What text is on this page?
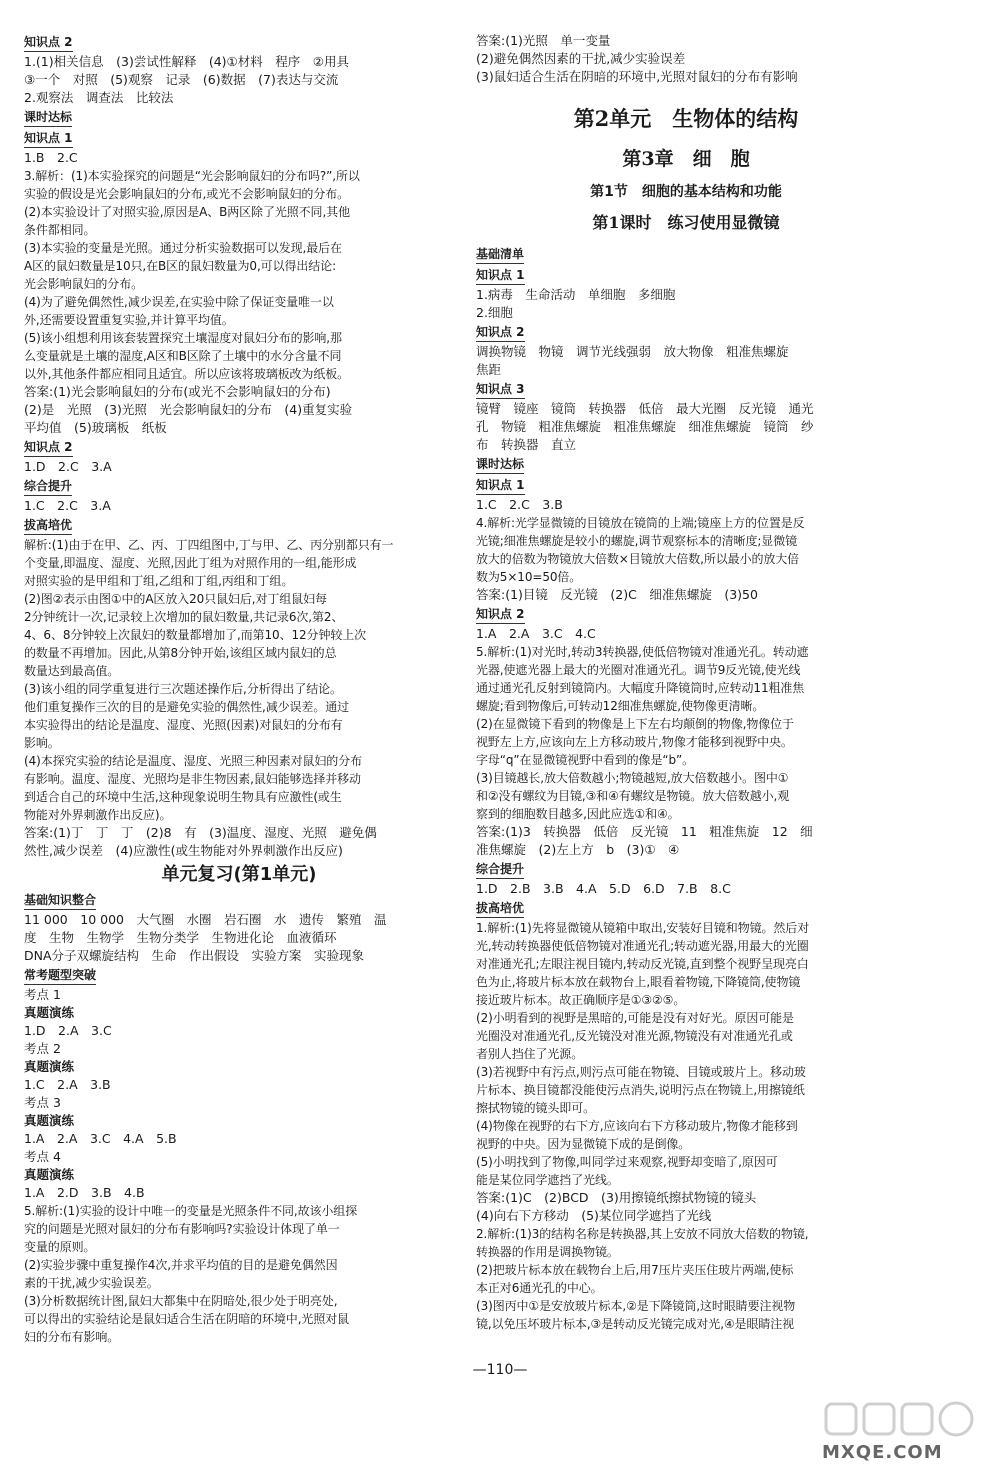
知识点 2
1.(1)相关信息　(3)尝试性解释　(4)①材料　程序　②用具
③一个　对照　(5)观察　记录　(6)数据　(7)表达与交流
2.观察法　调查法　比较法
课时达标
知识点 1
1.B　2.C
3.解析：(1)本实验探究的问题是“光会影响鼠妇的分布吗?”,所以
实验的假设是光会影响鼠妇的分布,或光不会影响鼠妇的分布。
(2)本实验设计了对照实验,原因是A、B两区除了光照不同,其他
条件都相同。
(3)本实验的变量是光照。通过分析实验数据可以发现,最后在
A区的鼠妇数量是10只,在B区的鼠妇数量为0,可以得出结论:
光会影响鼠妇的分布。
(4)为了避免偶然性,减少误差,在实验中除了保证变量唯一以
外,还需要设置重复实验,并计算平均值。
(5)该小组想利用该套装置探究土壤湿度对鼠妇分布的影响,那
么变量就是土壤的湿度,A区和B区除了土壤中的水分含量不同
以外,其他条件都应相同且适宜。所以应该将玻璃板改为纸板。
答案:(1)光会影响鼠妇的分布(或光不会影响鼠妇的分布)
(2)是　光照　(3)光照　光会影响鼠妇的分布　(4)重复实验
平均值　(5)玻璃板　纸板
知识点 2
1.D　2.C　3.A
综合提升
1.C　2.C　3.A
拔高培优
解析:(1)由于在甲、乙、丙、丁四组图中,丁与甲、乙、丙分别都只有一
个变量,即温度、湿度、光照,因此丁组为对照作用的一组,能形成
对照实验的是甲组和丁组,乙组和丁组,丙组和丁组。
(2)图②表示由图①中的A区放入20只鼠妇后,对丁组鼠妇每
2分钟统计一次,记录较上次增加的鼠妇数量,共记录6次,第2、
4、6、8分钟较上次鼠妇的数量都增加了,而第10、12分钟较上次
的数量不再增加。因此,从第8分钟开始,该组区域内鼠妇的总
数量达到最高值。
(3)该小组的同学重复进行三次题述操作后,分析得出了结论。
他们重复操作三次的目的是避免实验的偶然性,减少误差。通过
本实验得出的结论是温度、湿度、光照(因素)对鼠妇的分布有
影响。
(4)本探究实验的结论是温度、湿度、光照三种因素对鼠妇的分布
有影响。温度、湿度、光照均是非生物因素,鼠妇能够选择并移动
到适合自己的环境中生活,这种现象说明生物具有应激性(或生
物能对外界刺激作出反应)。
答案:(1)丁　丁　丁　(2)8　有　(3)温度、湿度、光照　避免偶
然性,减少误差　(4)应激性(或生物能对外界刺激作出反应)
单元复习(第1单元)
基础知识整合
11 000　10 000　大气圈　水圈　岩石圈　水　遗传　繁殖　温
度　生物　生物学　生物分类学　生物进化论　血液循环
DNA分子双螺旋结构　生命　作出假设　实验方案　实验现象
常考题型突破
考点 1
真题演练
1.D　2.A　3.C
考点 2
真题演练
1.C　2.A　3.B
考点 3
真题演练
1.A　2.A　3.C　4.A　5.B
考点 4
真题演练
1.A　2.D　3.B　4.B
5.解析:(1)实验的设计中唯一的变量是光照条件不同,故该小组探
究的问题是光照对鼠妇的分布有影响吗?实验设计体现了单一
变量的原则。
(2)实验步骤中重复操作4次,并求平均值的目的是避免偶然因
素的干扰,减少实验误差。
(3)分析数据统计图,鼠妇大都集中在阴暗处,很少处于明亮处,
可以得出的实验结论是鼠妇适合生活在阴暗的环境中,光照对鼠
妇的分布有影响。
答案:(1)光照　单一变量
(2)避免偶然因素的干扰,减少实验误差
(3)鼠妇适合生活在阴暗的环境中,光照对鼠妇的分布有影响
第2单元　生物体的结构
第3章　细　胞
第1节　细胞的基本结构和功能
第1课时　练习使用显微镜
基础清单
知识点 1
1.病毒　生命活动　单细胞　多细胞
2.细胞
知识点 2
调换物镜　物镜　调节光线强弱　放大物像　粗准焦螺旋
焦距
知识点 3
镜臂　镜座　镜筒　转换器　低倍　最大光圈　反光镜　通光
孔　物镜　粗准焦螺旋　粗准焦螺旋　细准焦螺旋　镜筒　纱
布　转换器　直立
课时达标
知识点 1
1.C　2.C　3.B
4.解析:光学显微镜的目镜放在镜筒的上端;镜座上方的位置是反
光镜;细准焦螺旋是较小的螺旋,调节观察标本的清晰度;显微镜
放大的倍数为物镜放大倍数×目镜放大倍数,所以最小的放大倍
数为5×10=50倍。
答案:(1)目镜　反光镜　(2)C　细准焦螺旋　(3)50
知识点 2
1.A　2.A　3.C　4.C
5.解析:(1)对光时,转动3转换器,使低倍物镜对准通光孔。转动遮
光器,使遮光器上最大的光圈对准通光孔。调节9反光镜,使光线
通过通光孔反射到镜筒内。大幅度升降镜筒时,应转动11粗准焦
螺旋;看到物像后,可转动12细准焦螺旋,使物像更清晰。
(2)在显微镜下看到的物像是上下左右均颠倒的物像,物像位于
视野左上方,应该向左上方移动玻片,物像才能移到视野中央。
字母“q”在显微镜视野中看到的像是“b”。
(3)目镜越长,放大倍数越小;物镜越短,放大倍数越小。图中①
和②没有螺纹为目镜,③和④有螺纹是物镜。放大倍数越小,观
察到的细胞数目越多,因此应选①和④。
答案:(1)3　转换器　低倍　反光镜　11　粗准焦旋　12　细
准焦螺旋　(2)左上方　b　(3)①　④
综合提升
1.D　2.B　3.B　4.A　5.D　6.D　7.B　8.C
拔高培优
1.解析:(1)先将显微镜从镜箱中取出,安装好目镜和物镜。然后对
光,转动转换器使低倍物镜对准通光孔;转动遮光器,用最大的光圈
对准通光孔;左眼注视目镜内,转动反光镜,直到整个视野呈现亮白
色为止,将玻片标本放在载物台上,眼看着物镜,下降镜筒,使物镜
接近玻片标本。故正确顺序是①③②⑤。
(2)小明看到的视野是黑暗的,可能是没有对好光。原因可能是
光圈没对准通光孔,反光镜没对准光源,物镜没有对准通光孔或
者别人挡住了光源。
(3)若视野中有污点,则污点可能在物镜、目镜或玻片上。移动玻
片标本、换目镜都没能使污点消失,说明污点在物镜上,用擦镜纸
擦拭物镜的镜头即可。
(4)物像在视野的右下方,应该向右下方移动玻片,物像才能移到
视野的中央。因为显微镜下成的是倒像。
(5)小明找到了物像,叫同学过来观察,视野却变暗了,原因可
能是某位同学遮挡了光线。
答案:(1)C　(2)BCD　(3)用擦镜纸擦拭物镜的镜头
(4)向右下方移动　(5)某位同学遮挡了光线
2.解析:(1)3的结构名称是转换器,其上安放不同放大倍数的物镜,
转换器的作用是调换物镜。
(2)把玻片标本放在载物台上后,用7压片夹压住玻片两端,使标
本正对6通光孔的中心。
(3)图丙中①是安放玻片标本,②是下降镜筒,这时眼睛要注视物
镜,以免压坏玻片标本,③是转动反光镜完成对光,④是眼睛注视
—110—
MXQE.COM
